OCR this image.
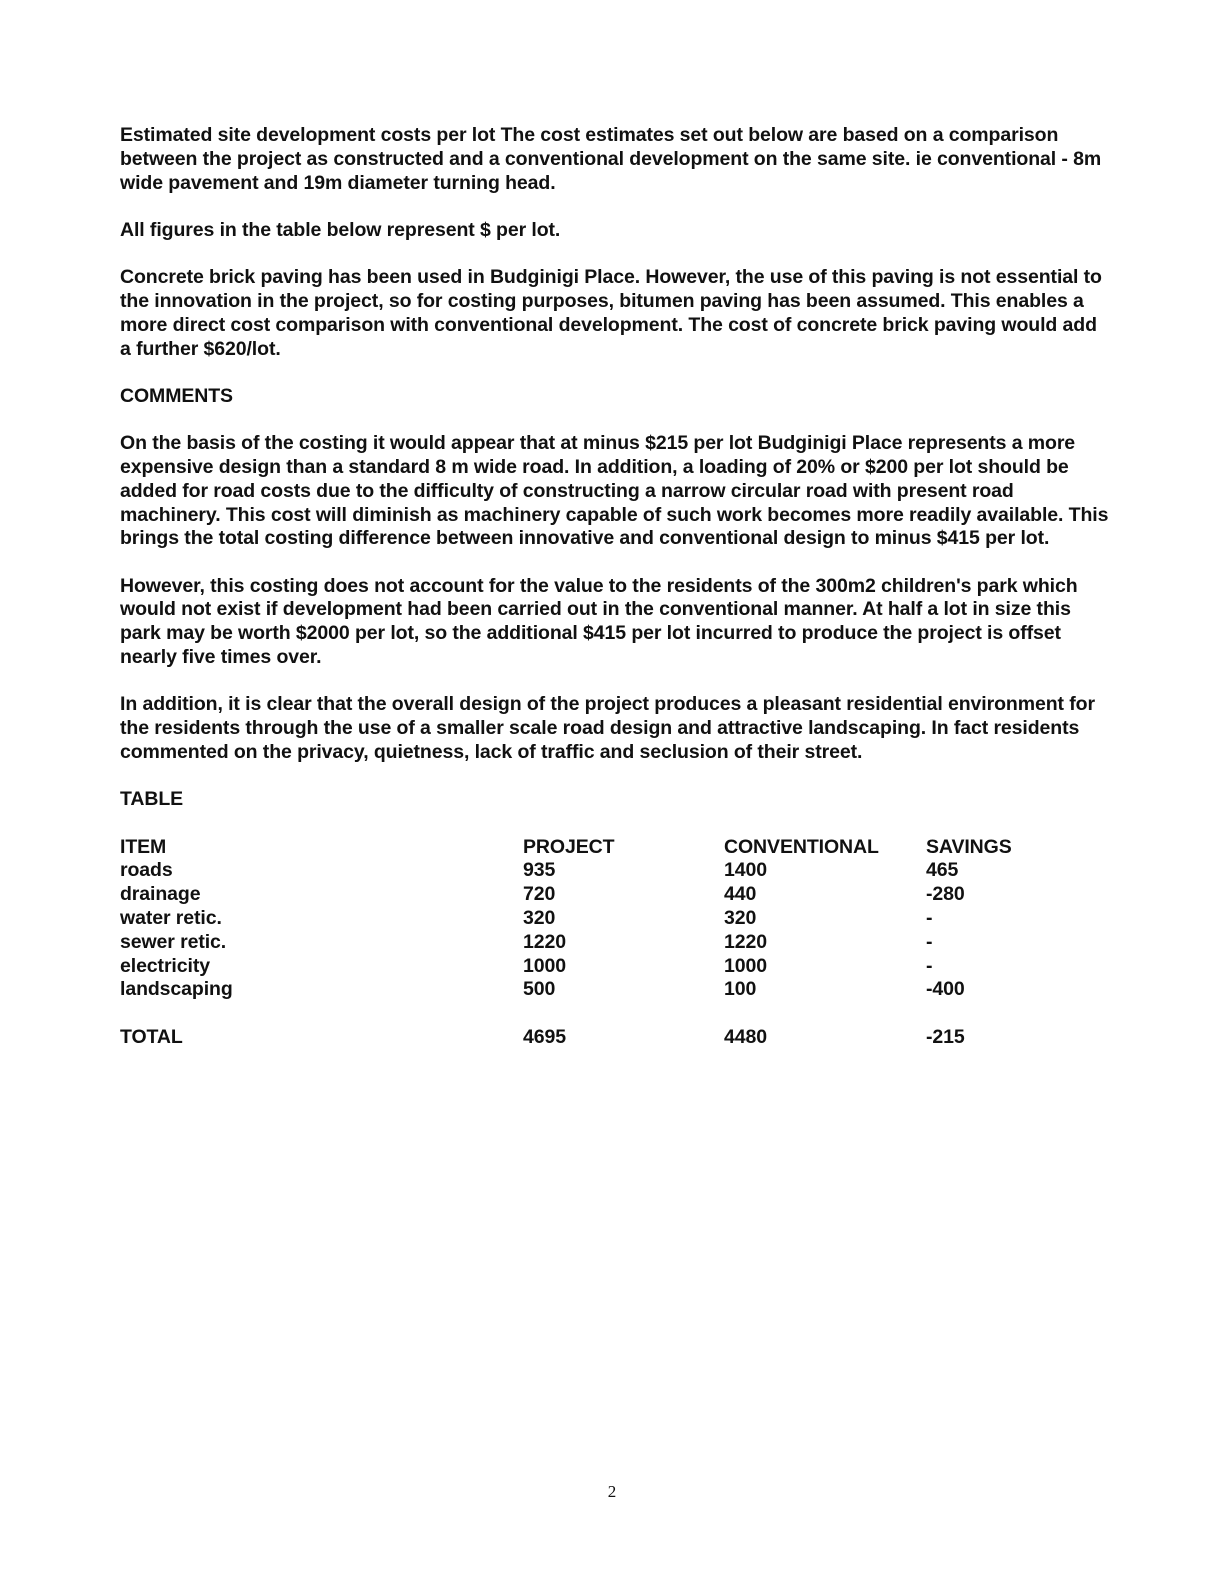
Estimated site development costs per lot The cost estimates set out below are based on a comparison between the project as constructed and a conventional development on the same site. ie conventional - 8m wide pavement and 19m diameter turning head.

All figures in the table below represent $ per lot.

Concrete brick paving has been used in Budginigi Place. However, the use of this paving is not essential to the innovation in the project, so for costing purposes, bitumen paving has been assumed. This enables a more direct cost comparison with conventional development. The cost of concrete brick paving would add a further $620/lot.

COMMENTS

On the basis of the costing it would appear that at minus $215 per lot Budginigi Place represents a more expensive design than a standard 8 m wide road. In addition, a loading of 20% or $200 per lot should be added for road costs due to the difficulty of constructing a narrow circular road with present road machinery. This cost will diminish as machinery capable of such work becomes more readily available. This brings the total costing difference between innovative and conventional design to minus $415 per lot.

However, this costing does not account for the value to the residents of the 300m2 children's park which would not exist if development had been carried out in the conventional manner. At half a lot in size this park may be worth $2000 per lot, so the additional $415 per lot incurred to produce the project is offset nearly five times over.

In addition, it is clear that the overall design of the project produces a pleasant residential environment for the residents through the use of a smaller scale road design and attractive landscaping. In fact residents commented on the privacy, quietness, lack of traffic and seclusion of their street.

TABLE

ITEM	PROJECT	CONVENTIONAL	SAVINGS
roads	935	1400	465
drainage	720	440	-280
water retic.	320	320	-
sewer retic.	1220	1220	-
electricity	1000	1000	-
landscaping	500	100	-400

TOTAL	4695	4480	-215
2
